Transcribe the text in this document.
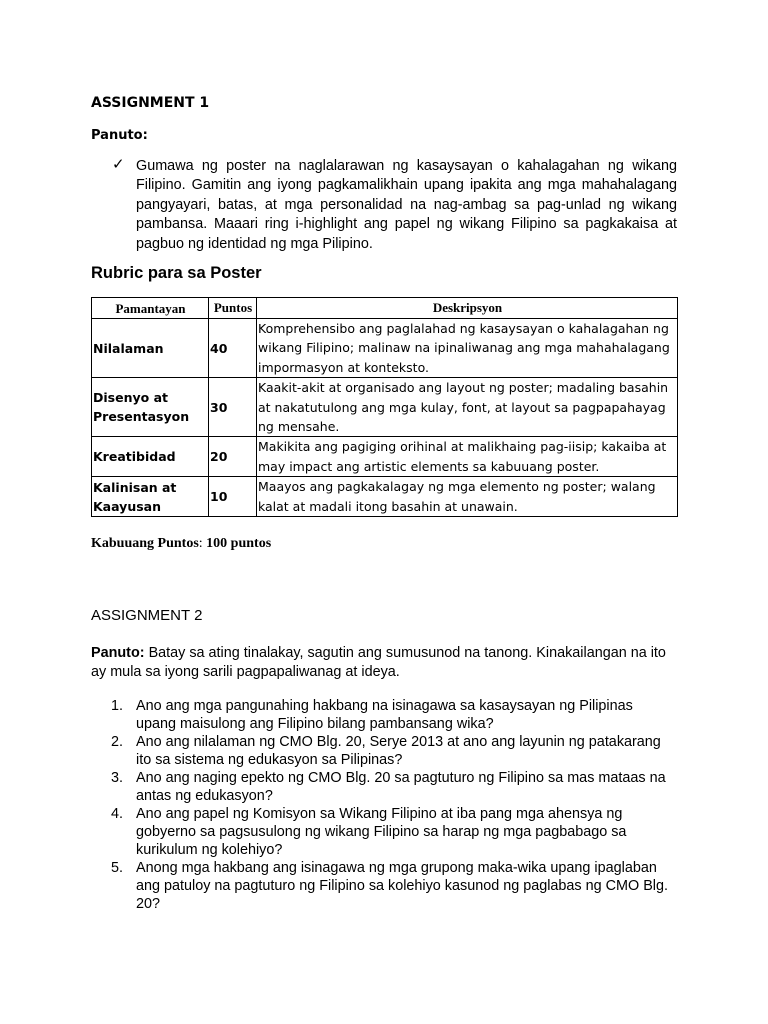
ASSIGNMENT 1
Panuto:
✓ Gumawa ng poster na naglalarawan ng kasaysayan o kahalagahan ng wikang Filipino. Gamitin ang iyong pagkamalikhain upang ipakita ang mga mahahalagang pangyayari, batas, at mga personalidad na nag-ambag sa pag-unlad ng wikang pambansa. Maaari ring i-highlight ang papel ng wikang Filipino sa pagkakaisa at pagbuo ng identidad ng mga Pilipino.
Rubric para sa Poster
Pamantayan	Puntos	Deskripsyon
Nilalaman	40	Komprehensibo ang paglalahad ng kasaysayan o kahalagahan ng wikang Filipino; malinaw na ipinaliwanag ang mga mahahalagang impormasyon at konteksto.
Disenyo at Presentasyon	30	Kaakit-akit at organisado ang layout ng poster; madaling basahin at nakatutulong ang mga kulay, font, at layout sa pagpapahayag ng mensahe.
Kreatibidad	20	Makikita ang pagiging orihinal at malikhaing pag-iisip; kakaiba at may impact ang artistic elements sa kabuuang poster.
Kalinisan at Kaayusan	10	Maayos ang pagkakalagay ng mga elemento ng poster; walang kalat at madali itong basahin at unawain.
Kabuuang Puntos: 100 puntos
ASSIGNMENT 2
Panuto: Batay sa ating tinalakay, sagutin ang sumusunod na tanong. Kinakailangan na ito ay mula sa iyong sarili pagpapaliwanag at ideya.
1. Ano ang mga pangunahing hakbang na isinagawa sa kasaysayan ng Pilipinas upang maisulong ang Filipino bilang pambansang wika?
2. Ano ang nilalaman ng CMO Blg. 20, Serye 2013 at ano ang layunin ng patakarang ito sa sistema ng edukasyon sa Pilipinas?
3. Ano ang naging epekto ng CMO Blg. 20 sa pagtuturo ng Filipino sa mas mataas na antas ng edukasyon?
4. Ano ang papel ng Komisyon sa Wikang Filipino at iba pang mga ahensya ng gobyerno sa pagsusulong ng wikang Filipino sa harap ng mga pagbabago sa kurikulum ng kolehiyo?
5. Anong mga hakbang ang isinagawa ng mga grupong maka-wika upang ipaglaban ang patuloy na pagtuturo ng Filipino sa kolehiyo kasunod ng paglabas ng CMO Blg. 20?
